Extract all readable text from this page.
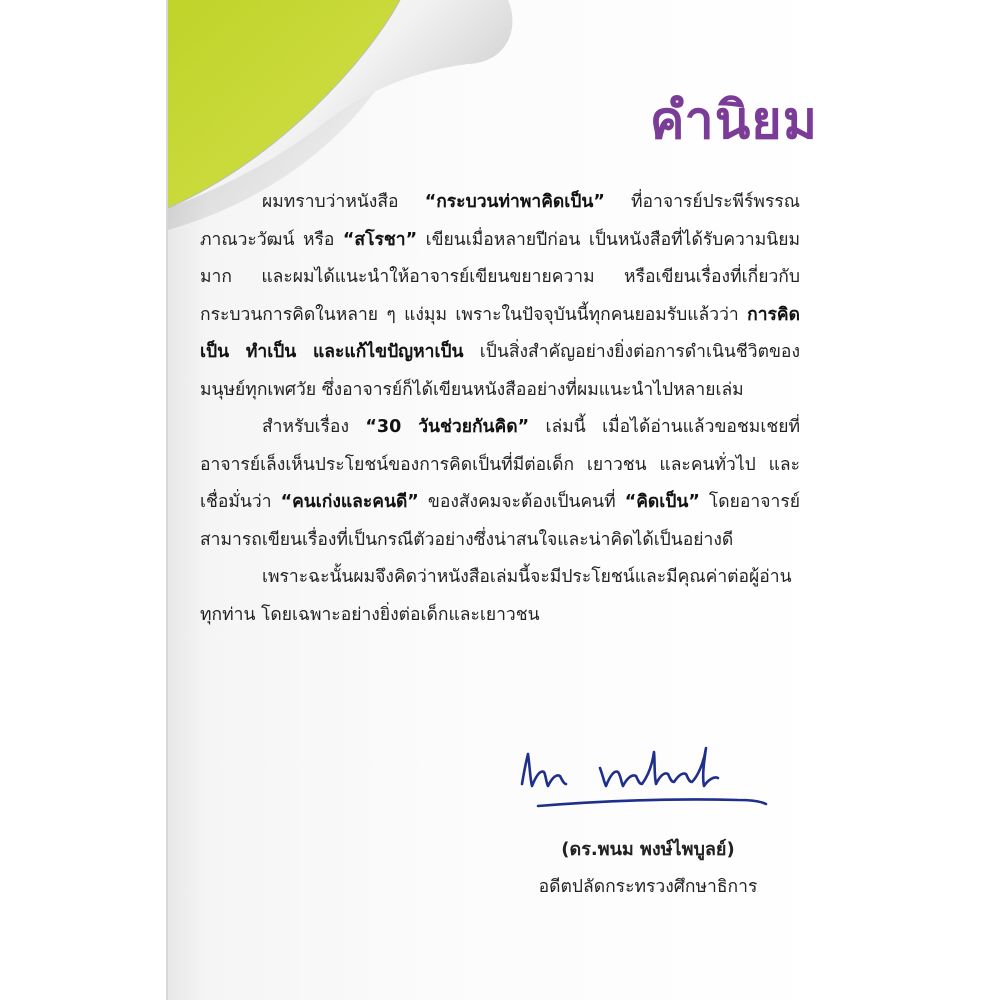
คำนิยม

ผมทราบว่าหนังสือ “กระบวนท่าพาคิดเป็น” ที่อาจารย์ประพีร์พรรณ ภาณวะวัฒน์ หรือ “สโรชา” เขียนเมื่อหลายปีก่อน เป็นหนังสือที่ได้รับความนิยมมาก และผมได้แนะนำให้อาจารย์เขียนขยายความ หรือเขียนเรื่องที่เกี่ยวกับกระบวนการคิดในหลาย ๆ แง่มุม เพราะในปัจจุบันนี้ทุกคนยอมรับแล้วว่า การคิดเป็น ทำเป็น และแก้ไขปัญหาเป็น เป็นสิ่งสำคัญอย่างยิ่งต่อการดำเนินชีวิตของมนุษย์ทุกเพศวัย ซึ่งอาจารย์ก็ได้เขียนหนังสืออย่างที่ผมแนะนำไปหลายเล่ม

สำหรับเรื่อง “30 วันช่วยกันคิด” เล่มนี้ เมื่อได้อ่านแล้วขอชมเชยที่อาจารย์เล็งเห็นประโยชน์ของการคิดเป็นที่มีต่อเด็ก เยาวชน และคนทั่วไป และเชื่อมั่นว่า “คนเก่งและคนดี” ของสังคมจะต้องเป็นคนที่ “คิดเป็น” โดยอาจารย์สามารถเขียนเรื่องที่เป็นกรณีตัวอย่างซึ่งน่าสนใจและน่าคิดได้เป็นอย่างดี

เพราะฉะนั้นผมจึงคิดว่าหนังสือเล่มนี้จะมีประโยชน์และมีคุณค่าต่อผู้อ่านทุกท่าน โดยเฉพาะอย่างยิ่งต่อเด็กและเยาวชน

(ดร.พนม พงษ์ไพบูลย์)
อดีตปลัดกระทรวงศึกษาธิการ
